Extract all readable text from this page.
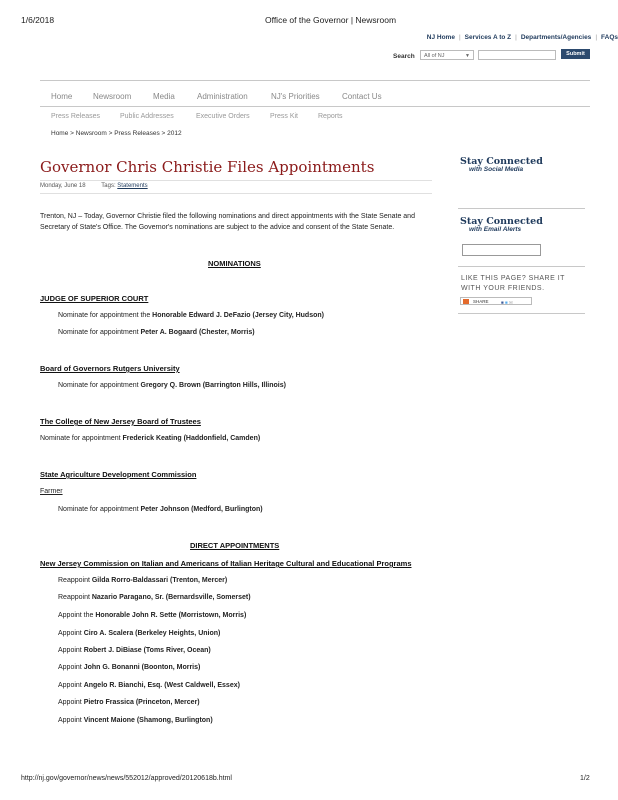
1/6/2018	Office of the Governor | Newsroom
NJ Home | Services A to Z | Departments/Agencies | FAQs
Search	All of NJ	▼	Submit
Home	Newsroom	Media	Administration	NJ's Priorities	Contact Us
Press Releases	Public Addresses	Executive Orders	Press Kit	Reports
Home > Newsroom > Press Releases > 2012
Governor Chris Christie Files Appointments
Monday, June 18	Tags: Statements
Trenton, NJ – Today, Governor Christie filed the following nominations and direct appointments with the State Senate and Secretary of State's Office. The Governor's nominations are subject to the advice and consent of the State Senate.
NOMINATIONS
JUDGE OF SUPERIOR COURT
Nominate for appointment the Honorable Edward J. DeFazio (Jersey City, Hudson)
Nominate for appointment Peter A. Bogaard (Chester, Morris)
Board of Governors Rutgers University
Nominate for appointment Gregory Q. Brown (Barrington Hills, Illinois)
The College of New Jersey Board of Trustees
Nominate for appointment Frederick Keating (Haddonfield, Camden)
State Agriculture Development Commission
Farmer
Nominate for appointment Peter Johnson (Medford, Burlington)
DIRECT APPOINTMENTS
New Jersey Commission on Italian and Americans of Italian Heritage Cultural and Educational Programs
Reappoint Gilda Rorro-Baldassari (Trenton, Mercer)
Reappoint Nazario Paragano, Sr. (Bernardsville, Somerset)
Appoint the Honorable John R. Sette (Morristown, Morris)
Appoint Ciro A. Scalera (Berkeley Heights, Union)
Appoint Robert J. DiBiase (Toms River, Ocean)
Appoint John G. Bonanni (Boonton, Morris)
Appoint Angelo R. Bianchi, Esq. (West Caldwell, Essex)
Appoint Pietro Frassica (Princeton, Mercer)
Appoint Vincent Maione (Shamong, Burlington)
Stay Connected
with Social Media
Stay Connected
with Email Alerts
LIKE THIS PAGE? SHARE IT WITH YOUR FRIENDS.
SHARE	■ ■ ✉
http://nj.gov/governor/news/news/552012/approved/20120618b.html	1/2
